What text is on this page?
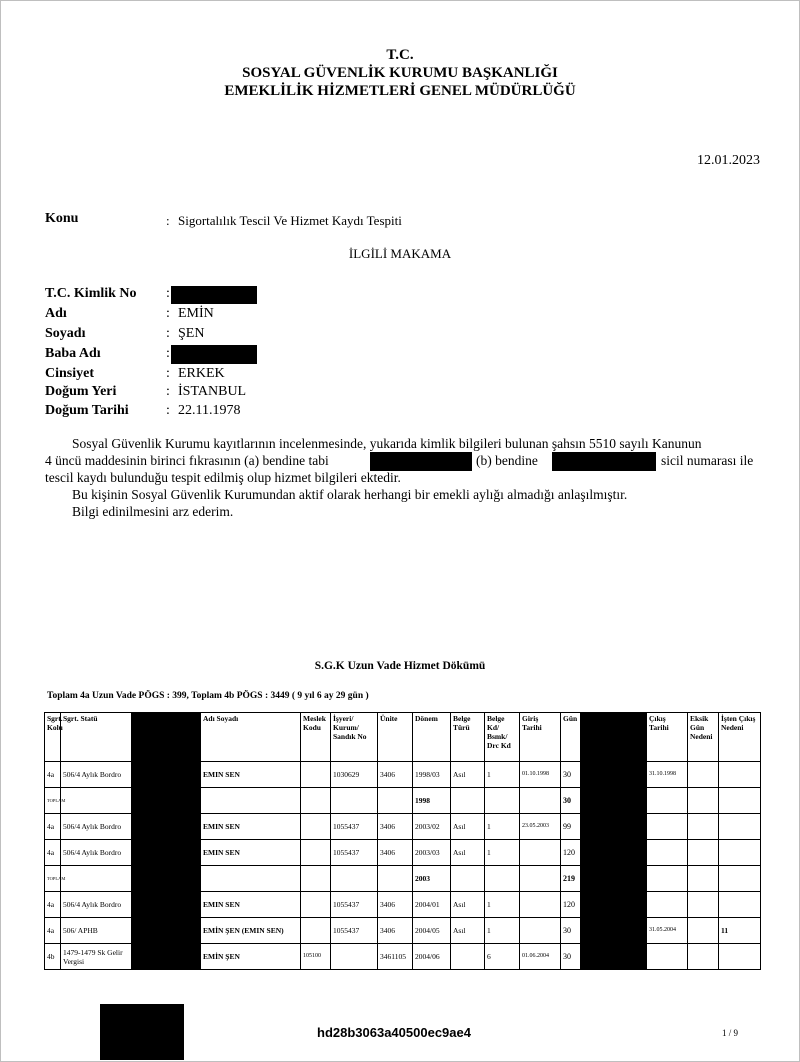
T.C.
SOSYAL GÜVENLİK KURUMU BAŞKANLIĞI
EMEKLİLİK HİZMETLERİ GENEL MÜDÜRLÜĞÜ
12.01.2023
Konu	: Sigortalılık Tescil Ve Hizmet Kaydı Tespiti
İLGİLİ MAKAMA
T.C. Kimlik No :
Adı	: EMİN
Soyadı	: ŞEN
Baba Adı	:
Cinsiyet	: ERKEK
Doğum Yeri	: İSTANBUL
Doğum Tarihi	: 22.11.1978
Sosyal Güvenlik Kurumu kayıtlarının incelenmesinde, yukarıda kimlik bilgileri bulunan şahsın 5510 sayılı Kanunun
4 üncü maddesinin birinci fıkrasının (a) bendine tabi	(b) bendine	sicil numarası ile
tescil kaydı bulunduğu tespit edilmiş olup hizmet bilgileri ektedir.
Bu kişinin Sosyal Güvenlik Kurumundan aktif olarak herhangi bir emekli aylığı almadığı anlaşılmıştır.
Bilgi edinilmesini arz ederim.
S.G.K Uzun Vade Hizmet Dökümü
Toplam 4a Uzun Vade PÖGS : 399, Toplam 4b PÖGS : 3449 ( 9 yıl 6 ay 29 gün )
Sgrt. Kolu	Sgrt. Statü		Adı Soyadı	Meslek Kodu	İşyeri/ Kurum/ Sandık No	Ünite	Dönem	Belge Türü	Belge Kd/ Bsmk/ Drc Kd	Giriş Tarihi	Gün		Çıkış Tarihi	Eksik Gün Nedeni	İşten Çıkış Nedeni
4a	506/4 Aylık Bordro		EMIN SEN		1030629	3406	1998/03	Asıl	1	01.10.1998	30		31.10.1998		
TOPLAM							1998				30				
4a	506/4 Aylık Bordro		EMIN SEN		1055437	3406	2003/02	Asıl	1	23.05.2003	99				
4a	506/4 Aylık Bordro		EMIN SEN		1055437	3406	2003/03	Asıl	1		120				
TOPLAM							2003				219				
4a	506/4 Aylık Bordro		EMIN SEN		1055437	3406	2004/01	Asıl	1		120				
4a	506/ APHB		EMİN ŞEN (EMIN SEN)		1055437	3406	2004/05	Asıl	1		30		31.05.2004		11
4b	1479-1479 Sk Gelir Vergisi		EMİN ŞEN	105100		3461105	2004/06		6	01.06.2004	30				
hd28b3063a40500ec9ae4	1 / 9
